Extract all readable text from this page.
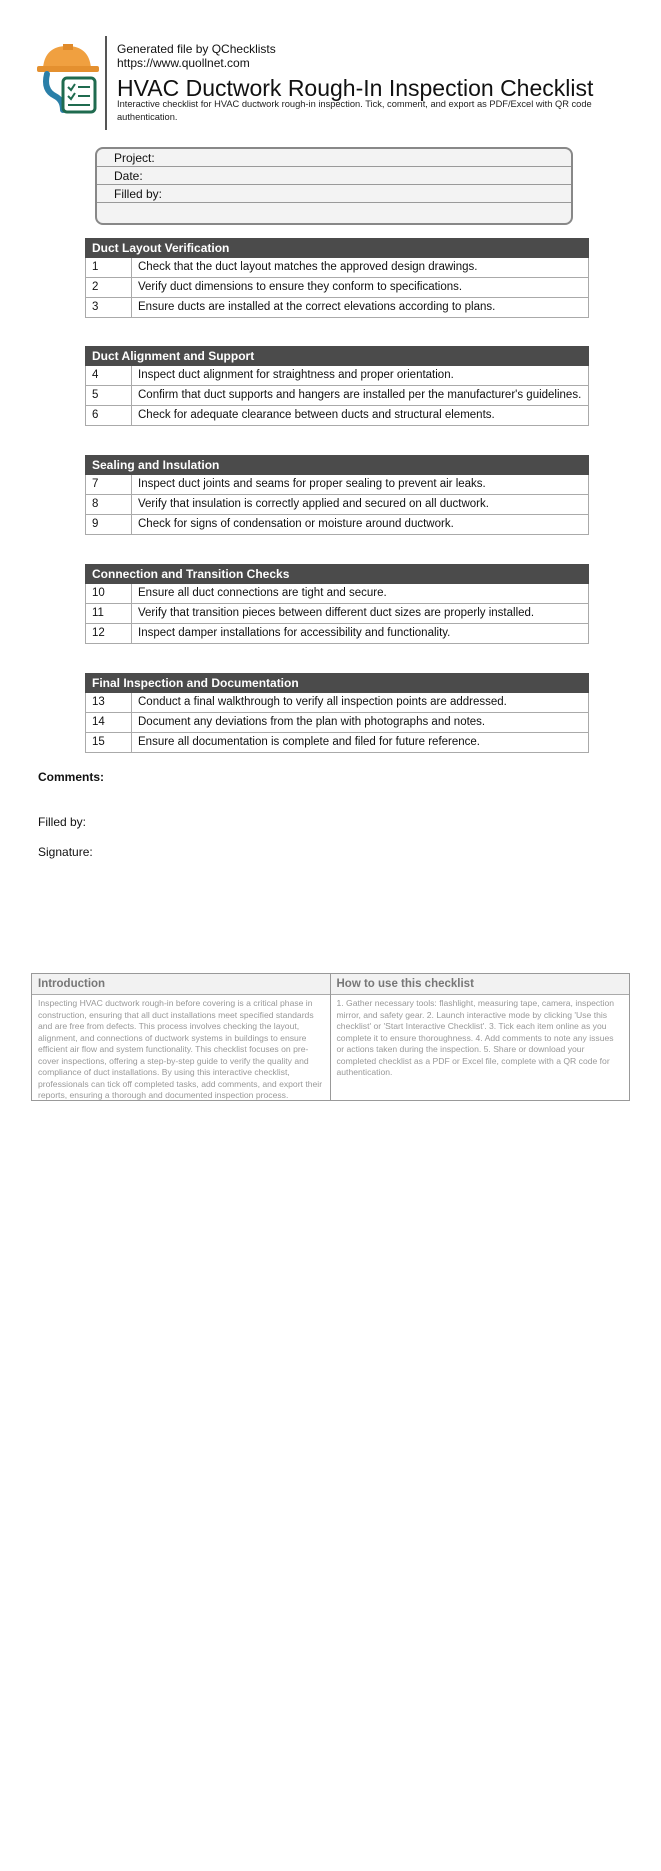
Generated file by QChecklists
https://www.quollnet.com
HVAC Ductwork Rough-In Inspection Checklist
Interactive checklist for HVAC ductwork rough-in inspection. Tick, comment, and export as PDF/Excel with QR code authentication.
Project:
Date:
Filled by:
Duct Layout Verification
1	Check that the duct layout matches the approved design drawings.
2	Verify duct dimensions to ensure they conform to specifications.
3	Ensure ducts are installed at the correct elevations according to plans.
Duct Alignment and Support
4	Inspect duct alignment for straightness and proper orientation.
5	Confirm that duct supports and hangers are installed per the manufacturer's guidelines.
6	Check for adequate clearance between ducts and structural elements.
Sealing and Insulation
7	Inspect duct joints and seams for proper sealing to prevent air leaks.
8	Verify that insulation is correctly applied and secured on all ductwork.
9	Check for signs of condensation or moisture around ductwork.
Connection and Transition Checks
10	Ensure all duct connections are tight and secure.
11	Verify that transition pieces between different duct sizes are properly installed.
12	Inspect damper installations for accessibility and functionality.
Final Inspection and Documentation
13	Conduct a final walkthrough to verify all inspection points are addressed.
14	Document any deviations from the plan with photographs and notes.
15	Ensure all documentation is complete and filed for future reference.
Comments:
Filled by:
Signature:
Introduction
Inspecting HVAC ductwork rough-in before covering is a critical phase in construction, ensuring that all duct installations meet specified standards and are free from defects. This process involves checking the layout, alignment, and connections of ductwork systems in buildings to ensure efficient air flow and system functionality. This checklist focuses on pre-cover inspections, offering a step-by-step guide to verify the quality and compliance of duct installations. By using this interactive checklist, professionals can tick off completed tasks, add comments, and export their reports, ensuring a thorough and documented inspection process.
How to use this checklist
1. Gather necessary tools: flashlight, measuring tape, camera, inspection mirror, and safety gear. 2. Launch interactive mode by clicking 'Use this checklist' or 'Start Interactive Checklist'. 3. Tick each item online as you complete it to ensure thoroughness. 4. Add comments to note any issues or actions taken during the inspection. 5. Share or download your completed checklist as a PDF or Excel file, complete with a QR code for authentication.
